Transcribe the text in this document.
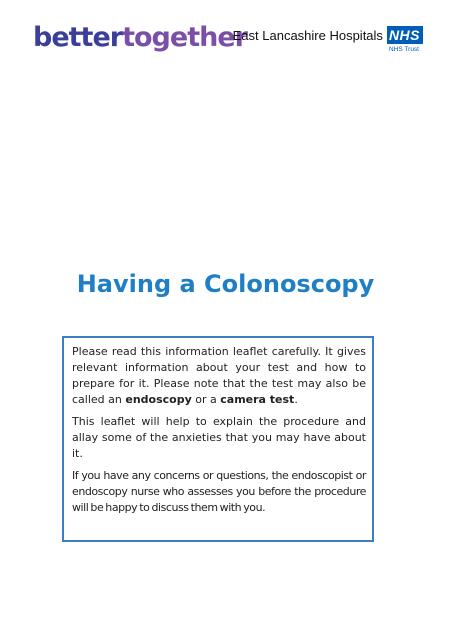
bettertogether
East Lancashire Hospitals NHS
NHS Trust
Having a Colonoscopy

Please read this information leaflet carefully. It gives relevant information about your test and how to prepare for it. Please note that the test may also be called an endoscopy or a camera test.

This leaflet will help to explain the procedure and allay some of the anxieties that you may have about it.

If you have any concerns or questions, the endoscopist or endoscopy nurse who assesses you before the procedure will be happy to discuss them with you.
